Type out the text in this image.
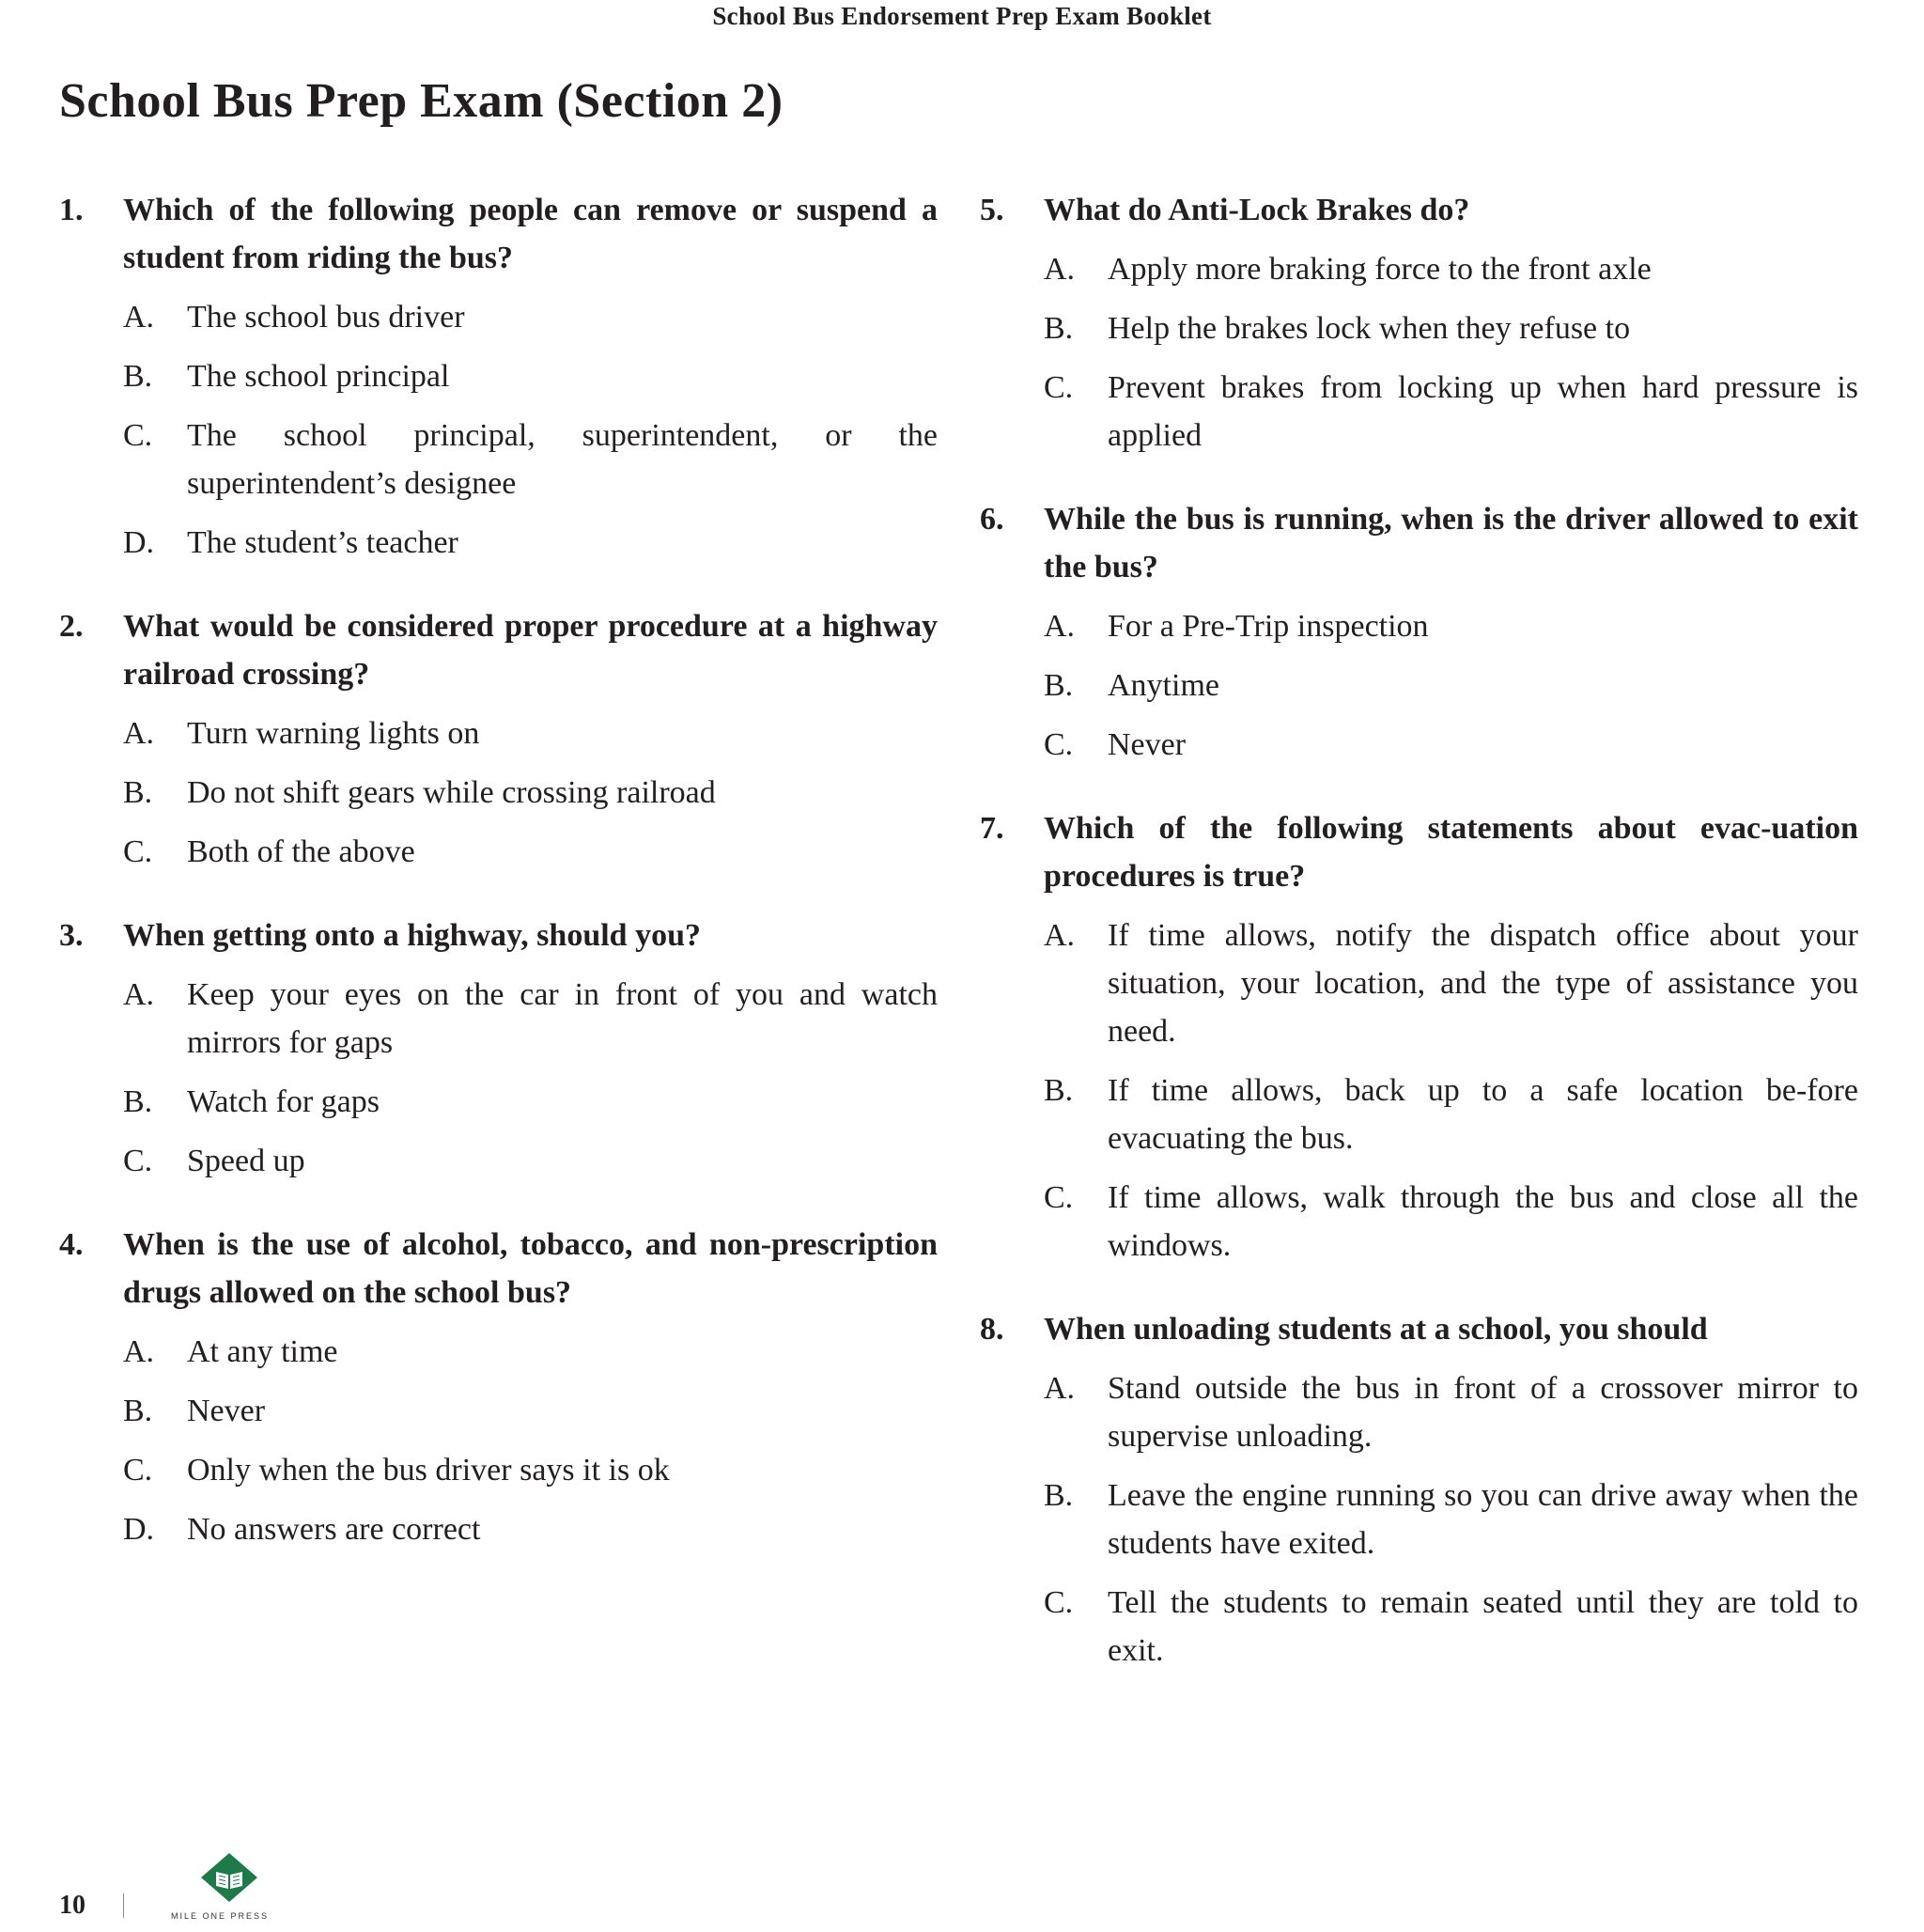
School Bus Endorsement Prep Exam Booklet
School Bus Prep Exam (Section 2)
1.	Which of the following people can remove or suspend a student from riding the bus?
A.	The school bus driver
B.	The school principal
C.	The school principal, superintendent, or the superintendent’s designee
D.	The student’s teacher
2.	What would be considered proper procedure at a highway railroad crossing?
A.	Turn warning lights on
B.	Do not shift gears while crossing railroad
C.	Both of the above
3.	When getting onto a highway, should you?
A.	Keep your eyes on the car in front of you and watch mirrors for gaps
B.	Watch for gaps
C.	Speed up
4.	When is the use of alcohol, tobacco, and non-prescription drugs allowed on the school bus?
A.	At any time
B.	Never
C.	Only when the bus driver says it is ok
D.	No answers are correct
5.	What do Anti-Lock Brakes do?
A.	Apply more braking force to the front axle
B.	Help the brakes lock when they refuse to
C.	Prevent brakes from locking up when hard pressure is applied
6.	While the bus is running, when is the driver allowed to exit the bus?
A.	For a Pre-Trip inspection
B.	Anytime
C.	Never
7.	Which of the following statements about evac-uation procedures is true?
A.	If time allows, notify the dispatch office about your situation, your location, and the type of assistance you need.
B.	If time allows, back up to a safe location be-fore evacuating the bus.
C.	If time allows, walk through the bus and close all the windows.
8.	When unloading students at a school, you should
A.	Stand outside the bus in front of a crossover mirror to supervise unloading.
B.	Leave the engine running so you can drive away when the students have exited.
C.	Tell the students to remain seated until they are told to exit.
10	MILE ONE PRESS
